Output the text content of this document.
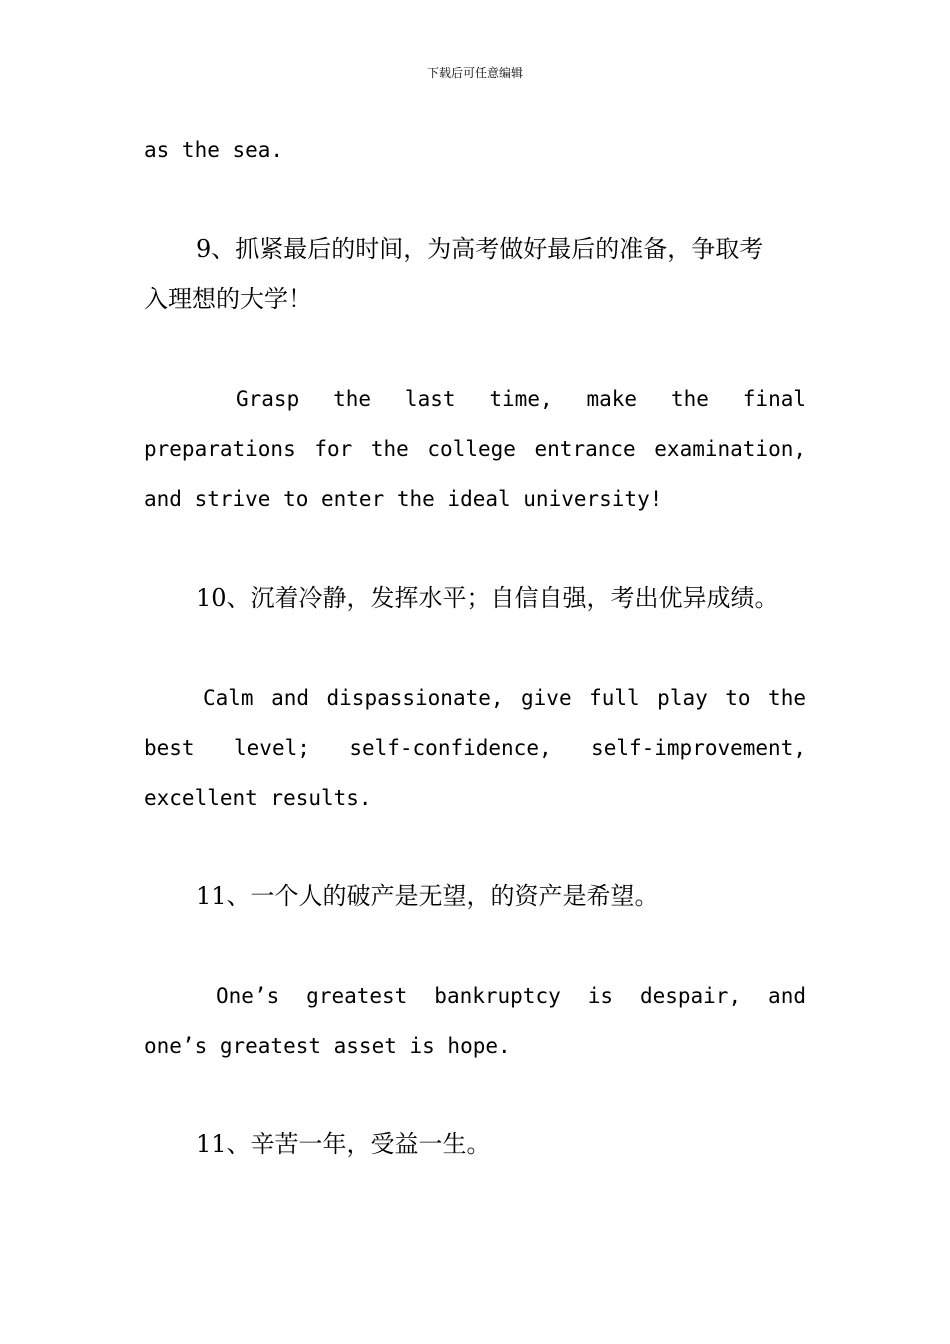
下载后可任意编辑
as the sea.
9、抓紧最后的时间，为高考做好最后的准备，争取考
入理想的大学！
Grasp the last time, make the final
preparations for the college entrance examination,
and strive to enter the ideal university!
10、沉着冷静，发挥水平；自信自强，考出优异成绩。
Calm and dispassionate, give full play to the
best level; self-confidence, self-improvement,
excellent results.
11、一个人的破产是无望，的资产是希望。
One’s greatest bankruptcy is despair, and
one’s greatest asset is hope.
11、辛苦一年，受益一生。
